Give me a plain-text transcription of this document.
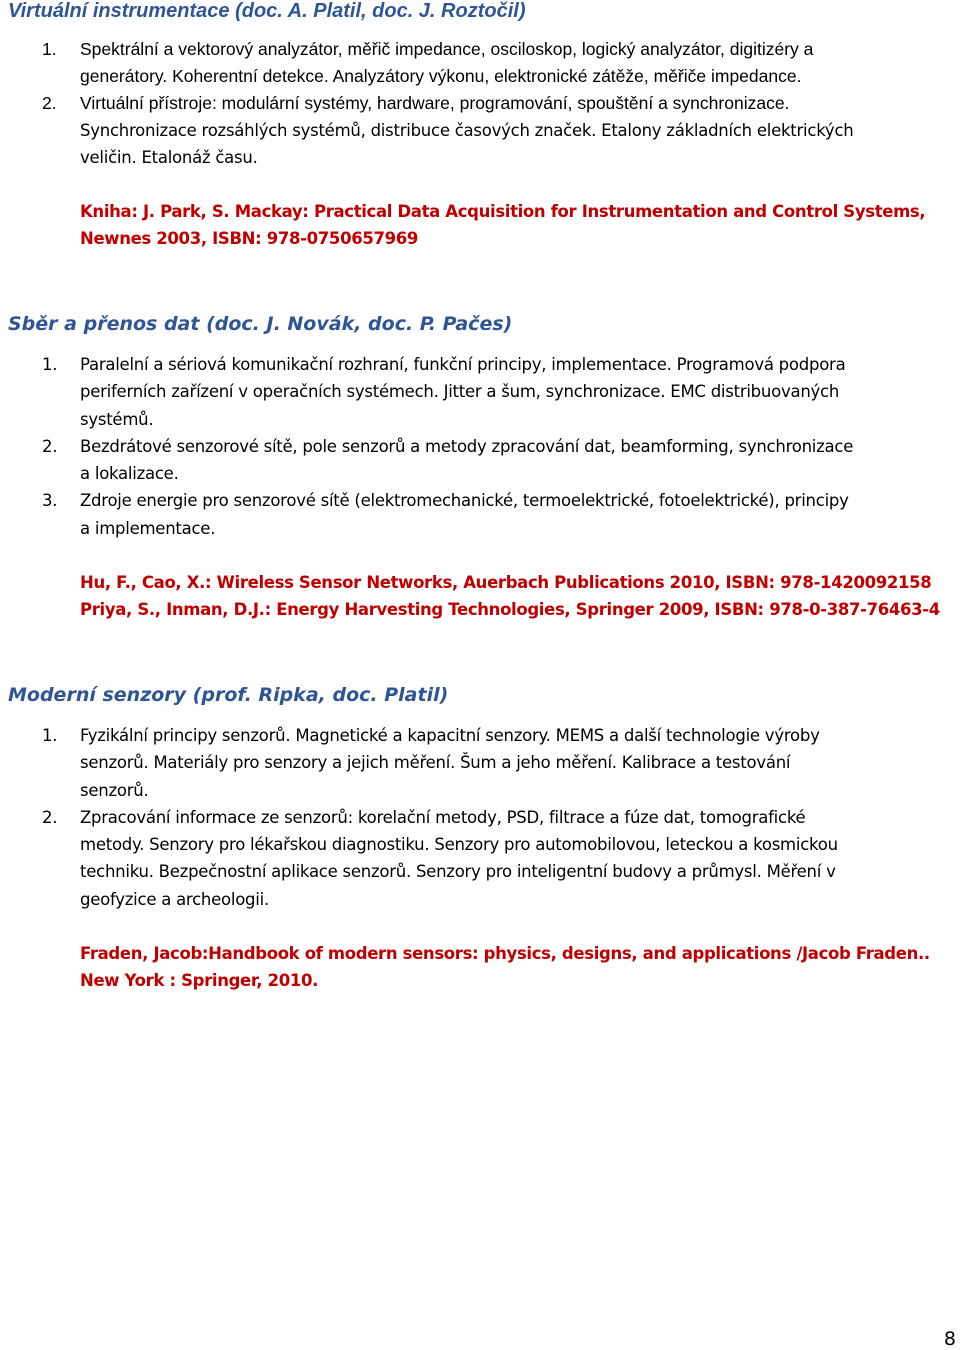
Virtuální instrumentace (doc. A. Platil, doc. J. Roztočil)
1. Spektrální a vektorový analyzátor, měřič impedance, osciloskop, logický analyzátor, digitizéry a
generátory. Koherentní detekce. Analyzátory výkonu, elektronické zátěže, měřiče impedance.
2. Virtuální přístroje: modulární systémy, hardware, programování, spouštění a synchronizace.
Synchronizace rozsáhlých systémů, distribuce časových značek. Etalony základních elektrických
veličin. Etalonáž času.
Kniha: J. Park, S. Mackay: Practical Data Acquisition for Instrumentation and Control Systems,
Newnes 2003, ISBN: 978-0750657969
Sběr a přenos dat (doc. J. Novák, doc. P. Pačes)
1. Paralelní a sériová komunikační rozhraní, funkční principy, implementace. Programová podpora
periferních zařízení v operačních systémech. Jitter a šum, synchronizace. EMC distribuovaných
systémů.
2. Bezdrátové senzorové sítě, pole senzorů a metody zpracování dat, beamforming, synchronizace
a lokalizace.
3. Zdroje energie pro senzorové sítě (elektromechanické, termoelektrické, fotoelektrické), principy
a implementace.
Hu, F., Cao, X.: Wireless Sensor Networks, Auerbach Publications 2010, ISBN: 978-1420092158
Priya, S., Inman, D.J.: Energy Harvesting Technologies, Springer 2009, ISBN: 978-0-387-76463-4
Moderní senzory (prof. Ripka, doc. Platil)
1. Fyzikální principy senzorů. Magnetické a kapacitní senzory. MEMS a další technologie výroby
senzorů. Materiály pro senzory a jejich měření. Šum a jeho měření. Kalibrace a testování
senzorů.
2. Zpracování informace ze senzorů: korelační metody, PSD, filtrace a fúze dat, tomografické
metody. Senzory pro lékařskou diagnostiku. Senzory pro automobilovou, leteckou a kosmickou
techniku. Bezpečnostní aplikace senzorů. Senzory pro inteligentní budovy a průmysl. Měření v
geofyzice a archeologii.
Fraden, Jacob:Handbook of modern sensors: physics, designs, and applications /Jacob Fraden..
New York : Springer, 2010.
8
